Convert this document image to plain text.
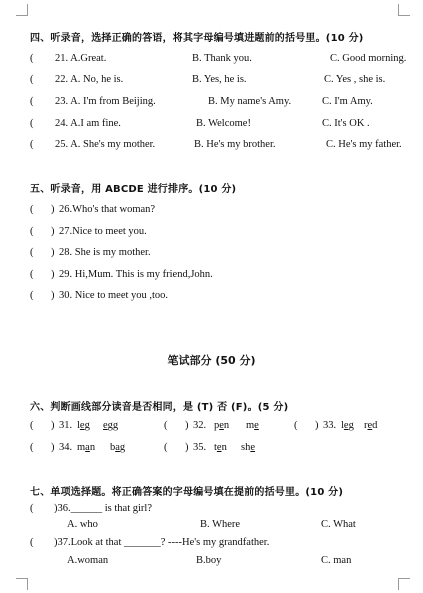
四、听录音，选择正确的答语，将其字母编号填进题前的括号里。(10 分)
( 21. A.Great.	B. Thank you.	C. Good morning.
( 22. A. No, he is.	B. Yes, he is.	C. Yes , she is.
( 23. A. I'm from Beijing.	B. My name's Amy.	C. I'm Amy.
( 24. A.I am fine.	B. Welcome!	C. It's OK .
( 25. A. She's my mother.	B. He's my brother.	C. He's my father.
五、听录音，用 ABCDE 进行排序。(10 分)
( ) 26.Who's that woman?
( ) 27.Nice to meet you.
( ) 28. She is my mother.
( ) 29. Hi,Mum. This is my friend,John.
( ) 30. Nice to meet you ,too.
笔试部分 (50 分)
六、判断画线部分读音是否相同，是 (T) 否 (F)。(5 分)
( ) 31. leg egg	( ) 32. pen me	( ) 33. leg red
( ) 34. man bag	( ) 35. ten she
七、单项选择题。将正确答案的字母编号填在提前的括号里。(10 分)
( )36.______ is that girl?
A. who	B. Where	C. What
( )37.Look at that _______? ----He's my grandfather.
A.woman	B.boy	C. man
